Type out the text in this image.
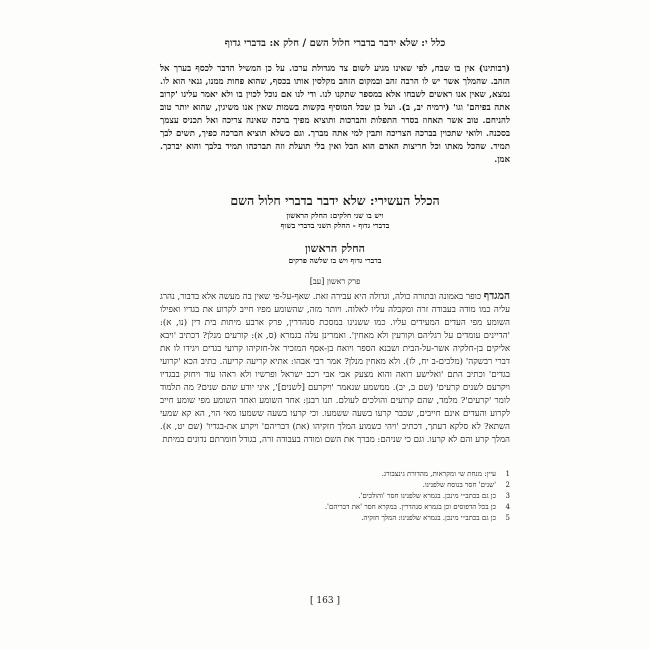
כלל י: שלא ידבר בדברי חלול השם / חלק א: בדברי גדוף

(רבותינו) אין בו שבח, לפי שאינו מגיע לשום צד מגדולת ערכו. על כן המשיל הדבר לכסף בערך אל הזהב. שהמלך אשר יש לו הרבה זהב ובמקום הזהב מקלסין אותו בכסף, שהוא פחות ממנו, גנאי הוא לו. נמצא, שאין אנו ראשים לשבחו אלא במספר שתקנו לנו. ודי לנו אם נוכל לכוין בו ולא יאמר עלינו 'קרוב אתה בפיהם' וגו' (ירמיה יב, ב). ועל כן שכל המוסיף בקשות בשמות שאין אנו משיגין, שהוא יותר טוב להניחם. טוב אשר תאחוז בסדר התפלות והברכות ותוציא מפיך ברכה שאינה צריכה ואל תכניס עצמך בסכנה. ולואי שתכוין בברכה הצריכה ותבין למי אתה מברך. וגם כשלא תוציא הברכה כפיך, תשים לבך תמיד. שהכל מאתו וכל חריצות האדם הוא הבל ואין בלי תועלת וזה תברכהו תמיד בלבך והוא יברכך. אמן.

הכלל העשירי: שלא ידבר בדברי חלול השם
ויש בו שני חלקים: החלק הראשון
בדברי גדוף - החלק השני בדברי בשוף
החלק הראשון
בדברי גדוף ויש בו שלשה פרקים
פרק ראשון [עב]

המגדף כופר באמונה ובתורה כולה, וגדולה היא עבירה זאת. שאף-על-פי שאין בה מעשה אלא בדבור, נהרג עליה כמו מודה בעבודה זרה ומקבלה עליו לאלוה. ויותר מזה, שהשומע מפיו חייב לקרוע את בגדיו ואפילו השומע מפי העדים המעידים עליו. כמו ששנינו במסכת סנהדרין, פרק ארבע מיתות בית דין (נו, א): 'הדיינים עומדים על רגליהם וקורעין ולא מאחין'. ואמרינן עלה בגמרא (ס, א): קורעים מנלן? דכתיב 'ויבא אליקים בן-חלקיה אשר-על-הבית ושבנא הספר ויואח בן-אסף המזכיר אל-חזקיהו קרועי בגדים ויגידו לו את דברי רבשקה' (מלכים-ב יח, לז). ולא מאחין מנלן? אמר רבי אבהו: אתיא קריעה קריעה. כתיב הכא 'קרועי בגדים' וכתיב התם 'ואלישע רואה והוא מצעק אבי אבי רכב ישראל ופרשיו ולא ראהו עוד ויחזק בבגדיו ויקרעם לשנים קרעים' (שם ב, יב). ממשמע שנאמר 'ויקרעם [לשנים]', איני יודע שהם שנים? מה תלמוד לומר 'קרעים'? מלמד, שהם קרועים והולכים לעולם. תנו רבנן: אחד השומע ואחד השומע מפי שומע חייב לקרוע והעדים אינם חייבים, שכבר קרעו בשעה ששמעו. וכי קרעו בשעה ששמעו מאי הוי, הא קא שמעי השתא? לא סלקא דעתך, דכתיב 'ויהי כשמוע המלך חזקיהו (את) דבריהם' ויקרע את-בגדיו' (שם יט, א). המלך קרע והם לא קרעו. וגם כי שניהם: מברך את השם ומודה בעבודה זרה, בגודל חומרתם נדונים במיתת

1
עיין: מנחת שי ומקראות, מהדורת גינצבורג.
2
'שנים' חסר בנוסח שלפנינו.
3
כן גם בכתב״י מינכן. בגמרא שלפנינו חסר 'והולכים'.
4
כן בכל הדפוסים וכן בגמרא סנהדרין. במקרא חסר 'את דבריהם'.
5
כן גם בכתב״י מינכן. בגמרא שלפנינו: המלך חזקיה.
[ 163 ]
